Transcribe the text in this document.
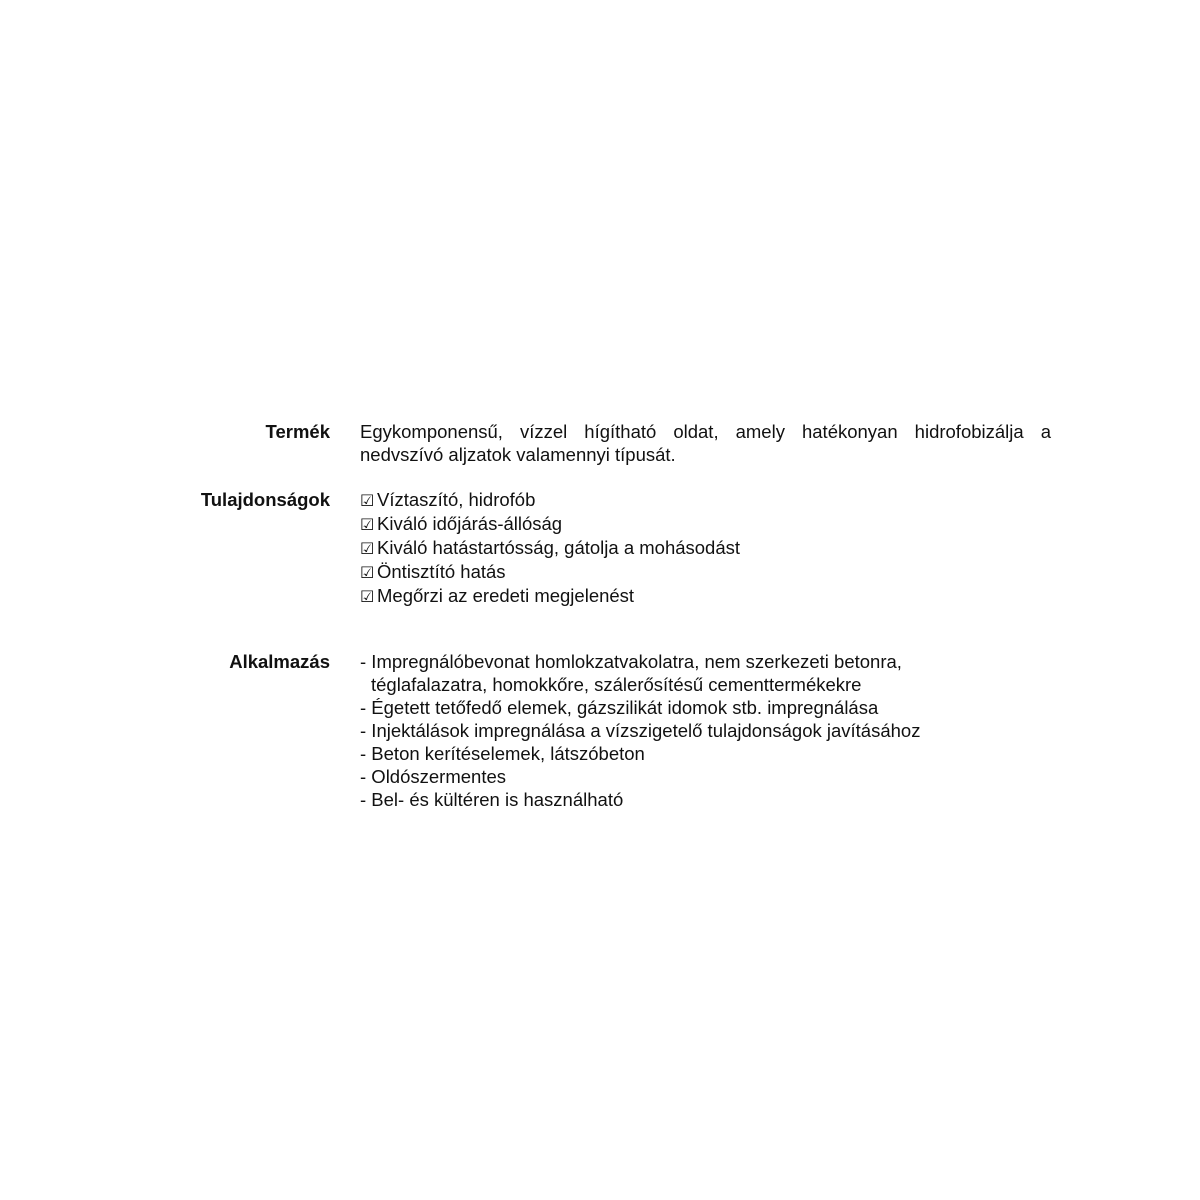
Termék Egykomponensű, vízzel hígítható oldat, amely hatékonyan hidrofobizálja a
nedvszívó aljzatok valamennyi típusát.
Tulajdonságok ☑ Víztaszító, hidrofób
☑ Kiváló időjárás-állóság
☑ Kiváló hatástartósság, gátolja a mohásodást
☑ Öntisztító hatás
☑ Megőrzi az eredeti megjelenést
Alkalmazás - Impregnálóbevonat homlokzatvakolatra, nem szerkezeti betonra,
téglafalazatra, homokkőre, szálerősítésű cementtermékekre
- Égetett tetőfedő elemek, gázszilikát idomok stb. impregnálása
- Injektálások impregnálása a vízszigetelő tulajdonságok javításához
- Beton kerítéselemek, látszóbeton
- Oldószermentes
- Bel- és kültéren is használható
